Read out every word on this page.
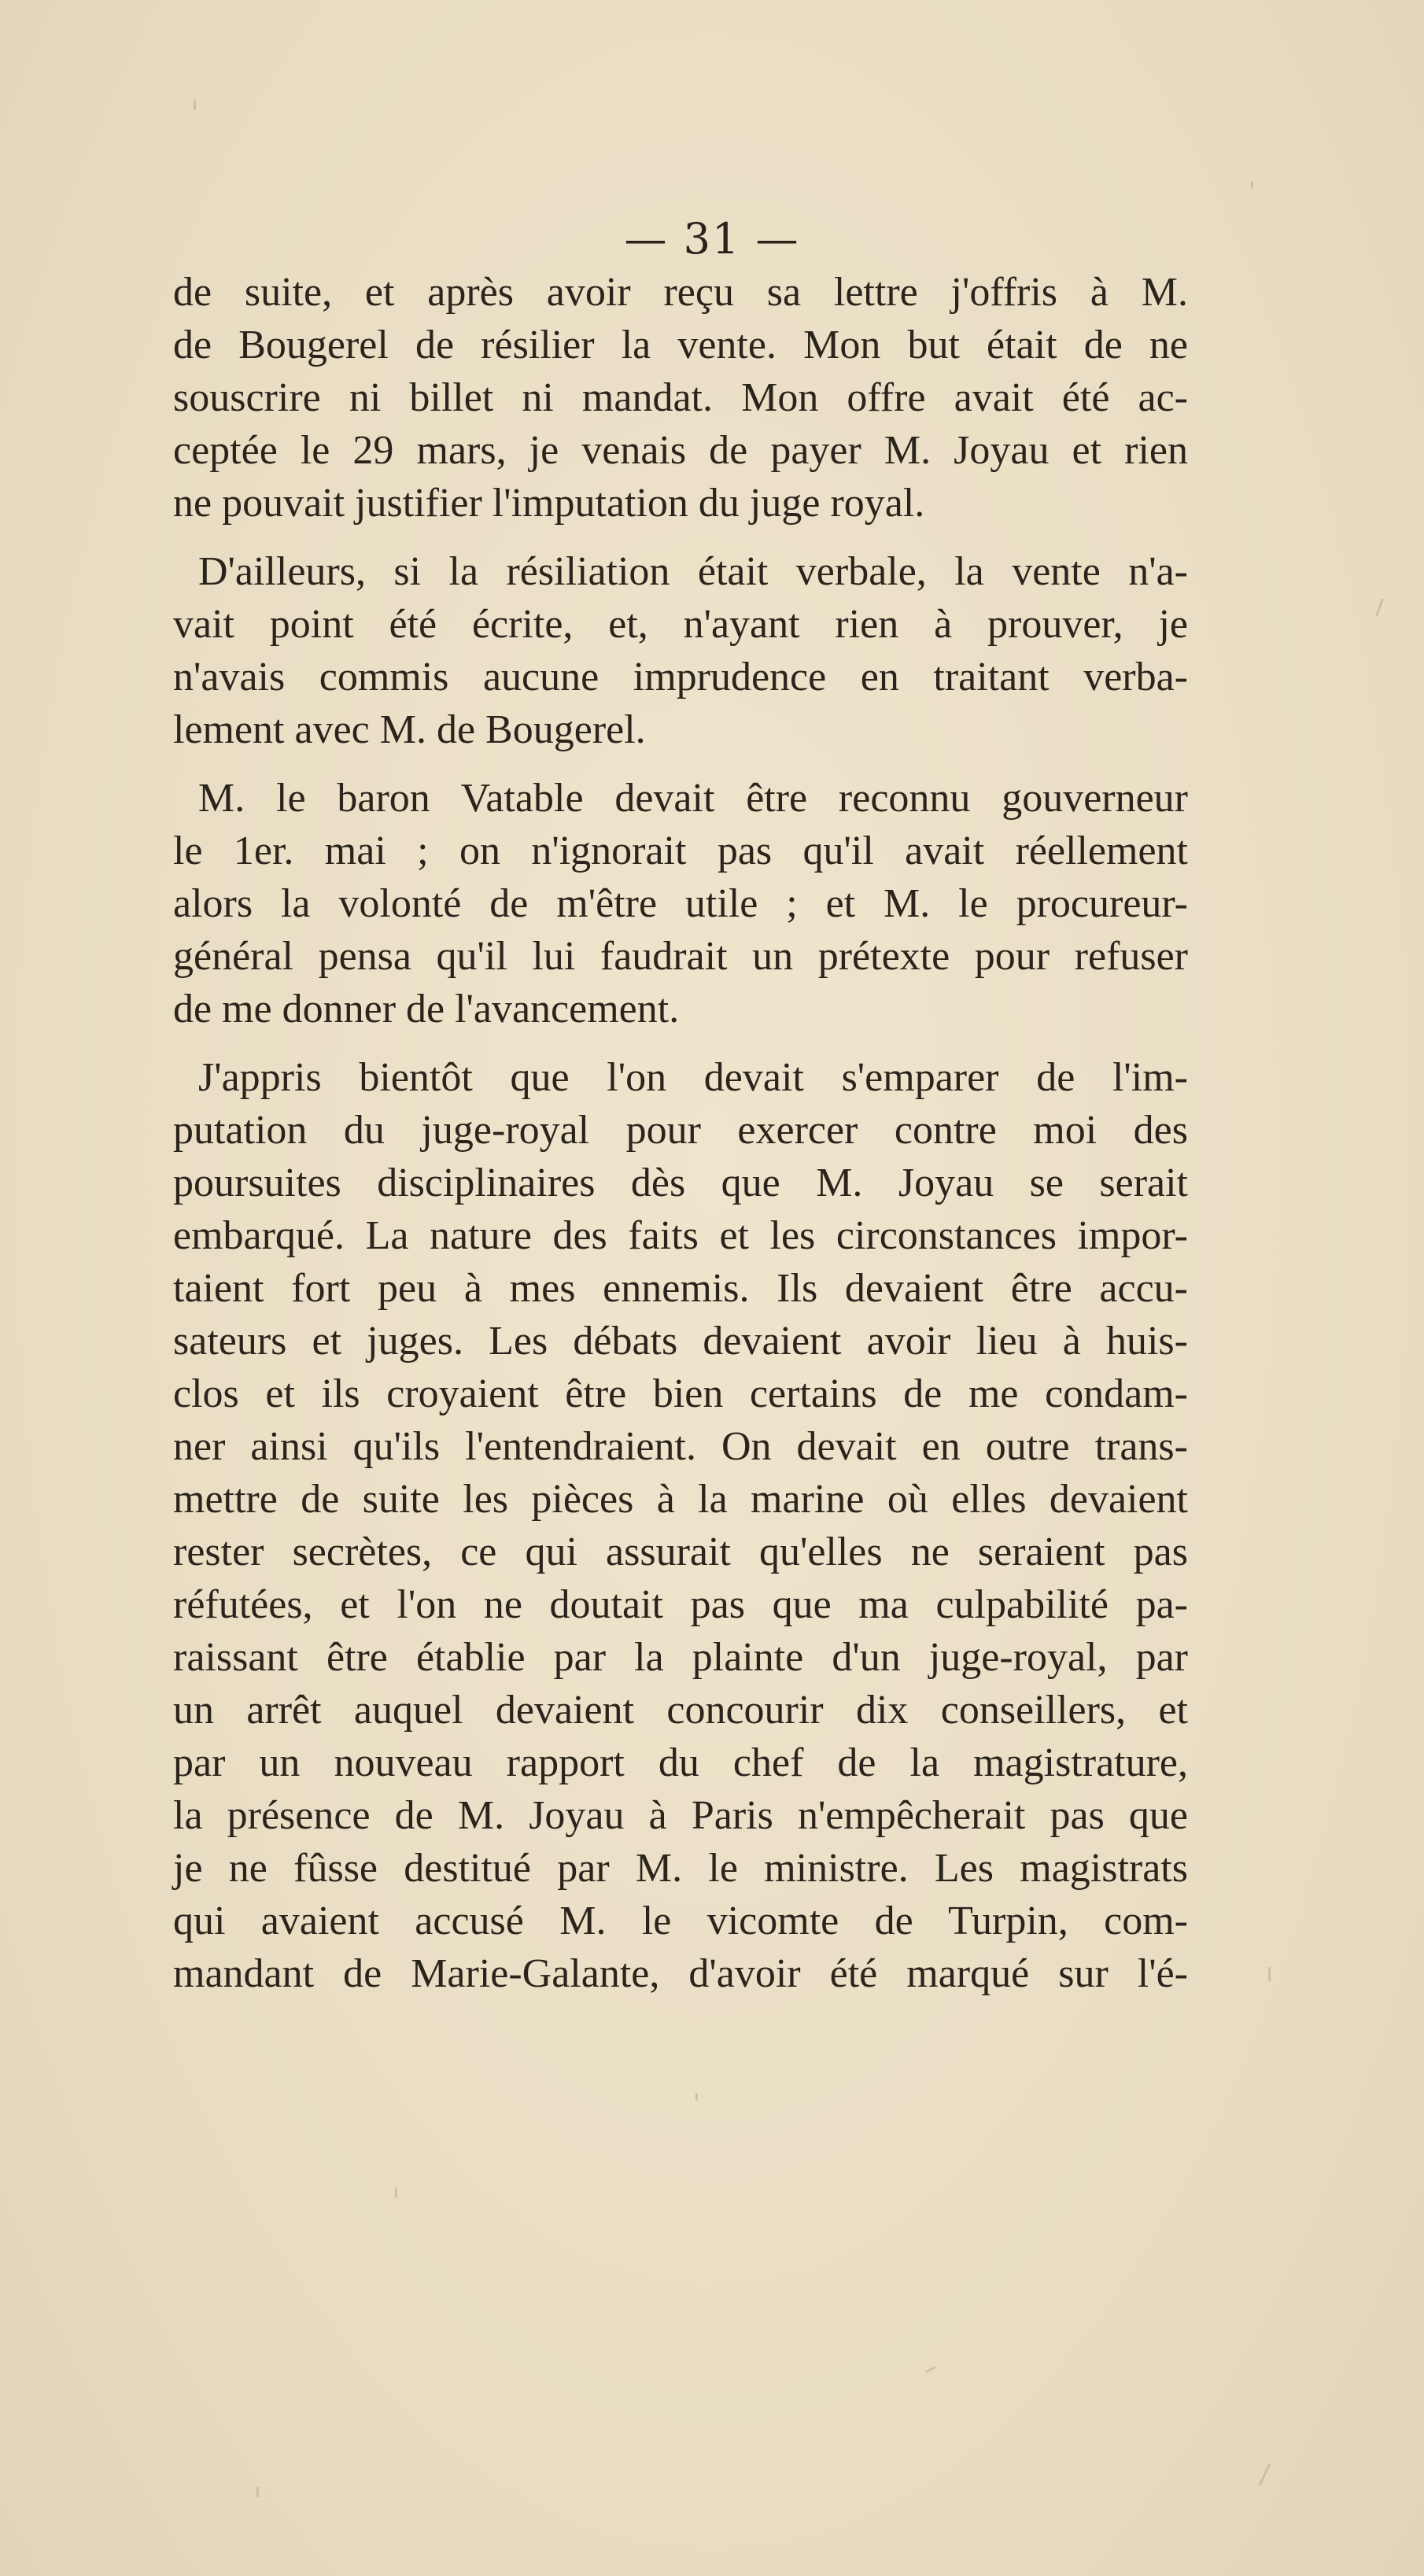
— 31 —
de suite, et après avoir reçu sa lettre j'offris à M.
de Bougerel de résilier la vente. Mon but était de ne
souscrire ni billet ni mandat. Mon offre avait été ac-
ceptée le 29 mars, je venais de payer M. Joyau et rien
ne pouvait justifier l'imputation du juge royal.
D'ailleurs, si la résiliation était verbale, la vente n'a-
vait point été écrite, et, n'ayant rien à prouver, je
n'avais commis aucune imprudence en traitant verba-
lement avec M. de Bougerel.
M. le baron Vatable devait être reconnu gouverneur
le 1er. mai ; on n'ignorait pas qu'il avait réellement
alors la volonté de m'être utile ; et M. le procureur-
général pensa qu'il lui faudrait un prétexte pour refuser
de me donner de l'avancement.
J'appris bientôt que l'on devait s'emparer de l'im-
putation du juge-royal pour exercer contre moi des
poursuites disciplinaires dès que M. Joyau se serait
embarqué. La nature des faits et les circonstances impor-
taient fort peu à mes ennemis. Ils devaient être accu-
sateurs et juges. Les débats devaient avoir lieu à huis-
clos et ils croyaient être bien certains de me condam-
ner ainsi qu'ils l'entendraient. On devait en outre trans-
mettre de suite les pièces à la marine où elles devaient
rester secrètes, ce qui assurait qu'elles ne seraient pas
réfutées, et l'on ne doutait pas que ma culpabilité pa-
raissant être établie par la plainte d'un juge-royal, par
un arrêt auquel devaient concourir dix conseillers, et
par un nouveau rapport du chef de la magistrature,
la présence de M. Joyau à Paris n'empêcherait pas que
je ne fûsse destitué par M. le ministre. Les magistrats
qui avaient accusé M. le vicomte de Turpin, com-
mandant de Marie-Galante, d'avoir été marqué sur l'é-
